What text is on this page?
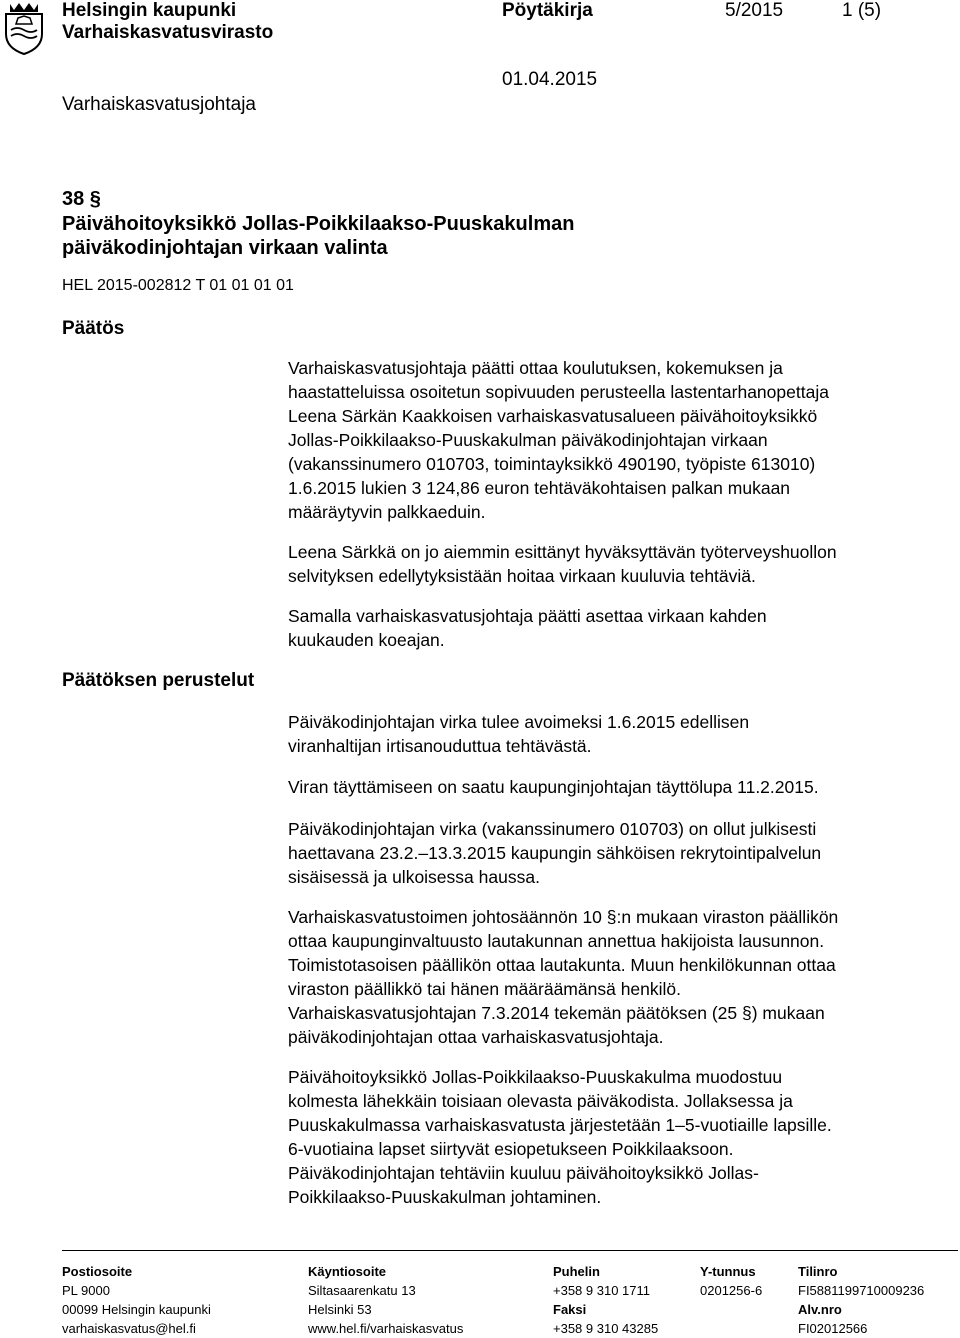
Helsingin kaupunki
Varhaiskasvatusvirasto
Pöytäkirja	5/2015	1 (5)
01.04.2015
Varhaiskasvatusjohtaja
38 §
Päivähoitoyksikkö Jollas-Poikkilaakso-Puuskakulman
päiväkodinjohtajan virkaan valinta
HEL 2015-002812 T 01 01 01 01
Päätös
Päätöksen perustelut

Varhaiskasvatusjohtaja päätti ottaa koulutuksen, kokemuksen ja

haastatteluissa osoitetun sopivuuden perusteella lastentarhanopettaja

Leena Särkän Kaakkoisen varhaiskasvatusalueen päivähoitoyksikkö

Jollas-Poikkilaakso-Puuskakulman päiväkodinjohtajan virkaan

(vakanssinumero 010703, toimintayksikkö 490190, työpiste 613010)

1.6.2015 lukien 3 124,86 euron tehtäväkohtaisen palkan mukaan

määräytyvin palkkaeduin.

Leena Särkkä on jo aiemmin esittänyt hyväksyttävän työterveyshuollon

selvityksen edellytyksistään hoitaa virkaan kuuluvia tehtäviä.

Samalla varhaiskasvatusjohtaja päätti asettaa virkaan kahden

kuukauden koeajan.

Päiväkodinjohtajan virka tulee avoimeksi 1.6.2015 edellisen

viranhaltijan irtisanouduttua tehtävästä.

Viran täyttämiseen on saatu kaupunginjohtajan täyttölupa 11.2.2015.

Päiväkodinjohtajan virka (vakanssinumero 010703) on ollut julkisesti

haettavana 23.2.–13.3.2015 kaupungin sähköisen rekrytointipalvelun

sisäisessä ja ulkoisessa haussa.

Varhaiskasvatustoimen johtosäännön 10 §:n mukaan viraston päällikön

ottaa kaupunginvaltuusto lautakunnan annettua hakijoista lausunnon.

Toimistotasoisen päällikön ottaa lautakunta. Muun henkilökunnan ottaa

viraston päällikkö tai hänen määräämänsä henkilö.

Varhaiskasvatusjohtajan 7.3.2014 tekemän päätöksen (25 §) mukaan

päiväkodinjohtajan ottaa varhaiskasvatusjohtaja.

Päivähoitoyksikkö Jollas-Poikkilaakso-Puuskakulma muodostuu

kolmesta lähekkäin toisiaan olevasta päiväkodista. Jollaksessa ja

Puuskakulmassa varhaiskasvatusta järjestetään 1–5-vuotiaille lapsille.

6-vuotiaina lapset siirtyvät esiopetukseen Poikkilaaksoon.

Päiväkodinjohtajan tehtäviin kuuluu päivähoitoyksikkö Jollas-

Poikkilaakso-Puuskakulman johtaminen.

Postiosoite
PL 9000
00099 Helsingin kaupunki
varhaiskasvatus@hel.fi
Käyntiosoite
Siltasaarenkatu 13
Helsinki 53
www.hel.fi/varhaiskasvatus
Puhelin
+358 9 310 1711
Faksi
+358 9 310 43285
Y-tunnus
0201256-6
Tilinro
FI5881199710009236
Alv.nro
FI02012566
